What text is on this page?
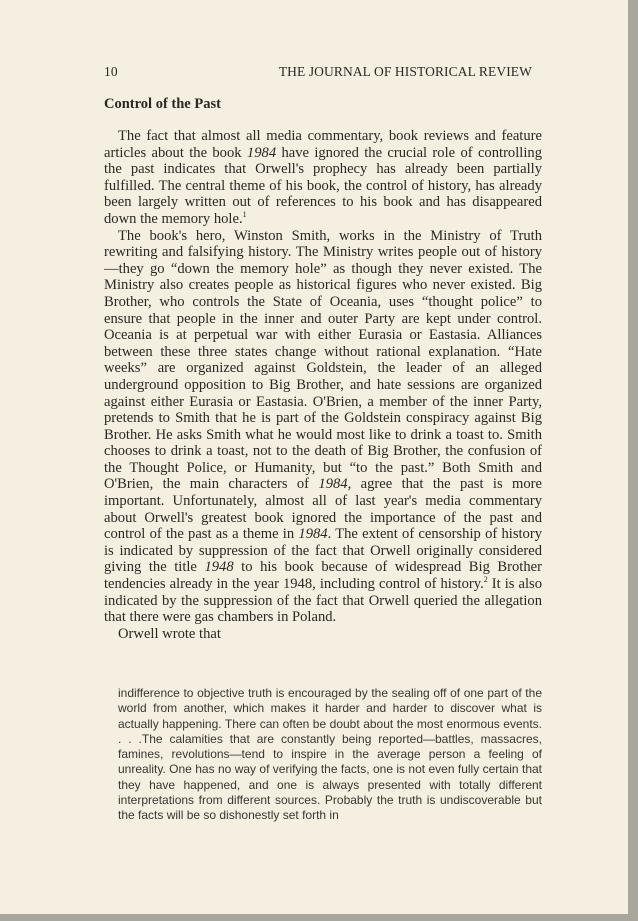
10	THE JOURNAL OF HISTORICAL REVIEW
Control of the Past

The fact that almost all media commentary, book reviews and feature articles about the book 1984 have ignored the crucial role of controlling the past indicates that Orwell's prophecy has already been partially fulfilled. The central theme of his book, the control of history, has already been largely written out of references to his book and has disappeared down the memory hole.$^1$

The book's hero, Winston Smith, works in the Ministry of Truth rewriting and falsifying history. The Ministry writes people out of history—they go “down the memory hole” as though they never existed. The Ministry also creates people as historical figures who never existed. Big Brother, who controls the State of Oceania, uses “thought police” to ensure that people in the inner and outer Party are kept under control. Oceania is at perpetual war with either Eurasia or Eastasia. Alliances between these three states change without rational explanation. “Hate weeks” are organized against Goldstein, the leader of an alleged underground opposition to Big Brother, and hate sessions are organized against either Eurasia or Eastasia. O'Brien, a member of the inner Party, pretends to Smith that he is part of the Goldstein conspiracy against Big Brother. He asks Smith what he would most like to drink a toast to. Smith chooses to drink a toast, not to the death of Big Brother, the confusion of the Thought Police, or Humanity, but “to the past.” Both Smith and O'Brien, the main characters of 1984, agree that the past is more important. Unfortunately, almost all of last year's media commentary about Orwell's greatest book ignored the importance of the past and control of the past as a theme in 1984. The extent of censorship of history is indicated by suppression of the fact that Orwell originally considered giving the title 1948 to his book because of widespread Big Brother tendencies already in the year 1948, including control of history.$^2$ It is also indicated by the suppression of the fact that Orwell queried the allegation that there were gas chambers in Poland.

Orwell wrote that

indifference to objective truth is encouraged by the sealing off of one part of the world from another, which makes it harder and harder to discover what is actually happening. There can often be doubt about the most enormous events. . . .The calamities that are constantly being reported—battles, massacres, famines, revolutions—tend to inspire in the average person a feeling of unreality. One has no way of verifying the facts, one is not even fully certain that they have happened, and one is always presented with totally different interpretations from different sources. Probably the truth is undiscoverable but the facts will be so dishonestly set forth in
